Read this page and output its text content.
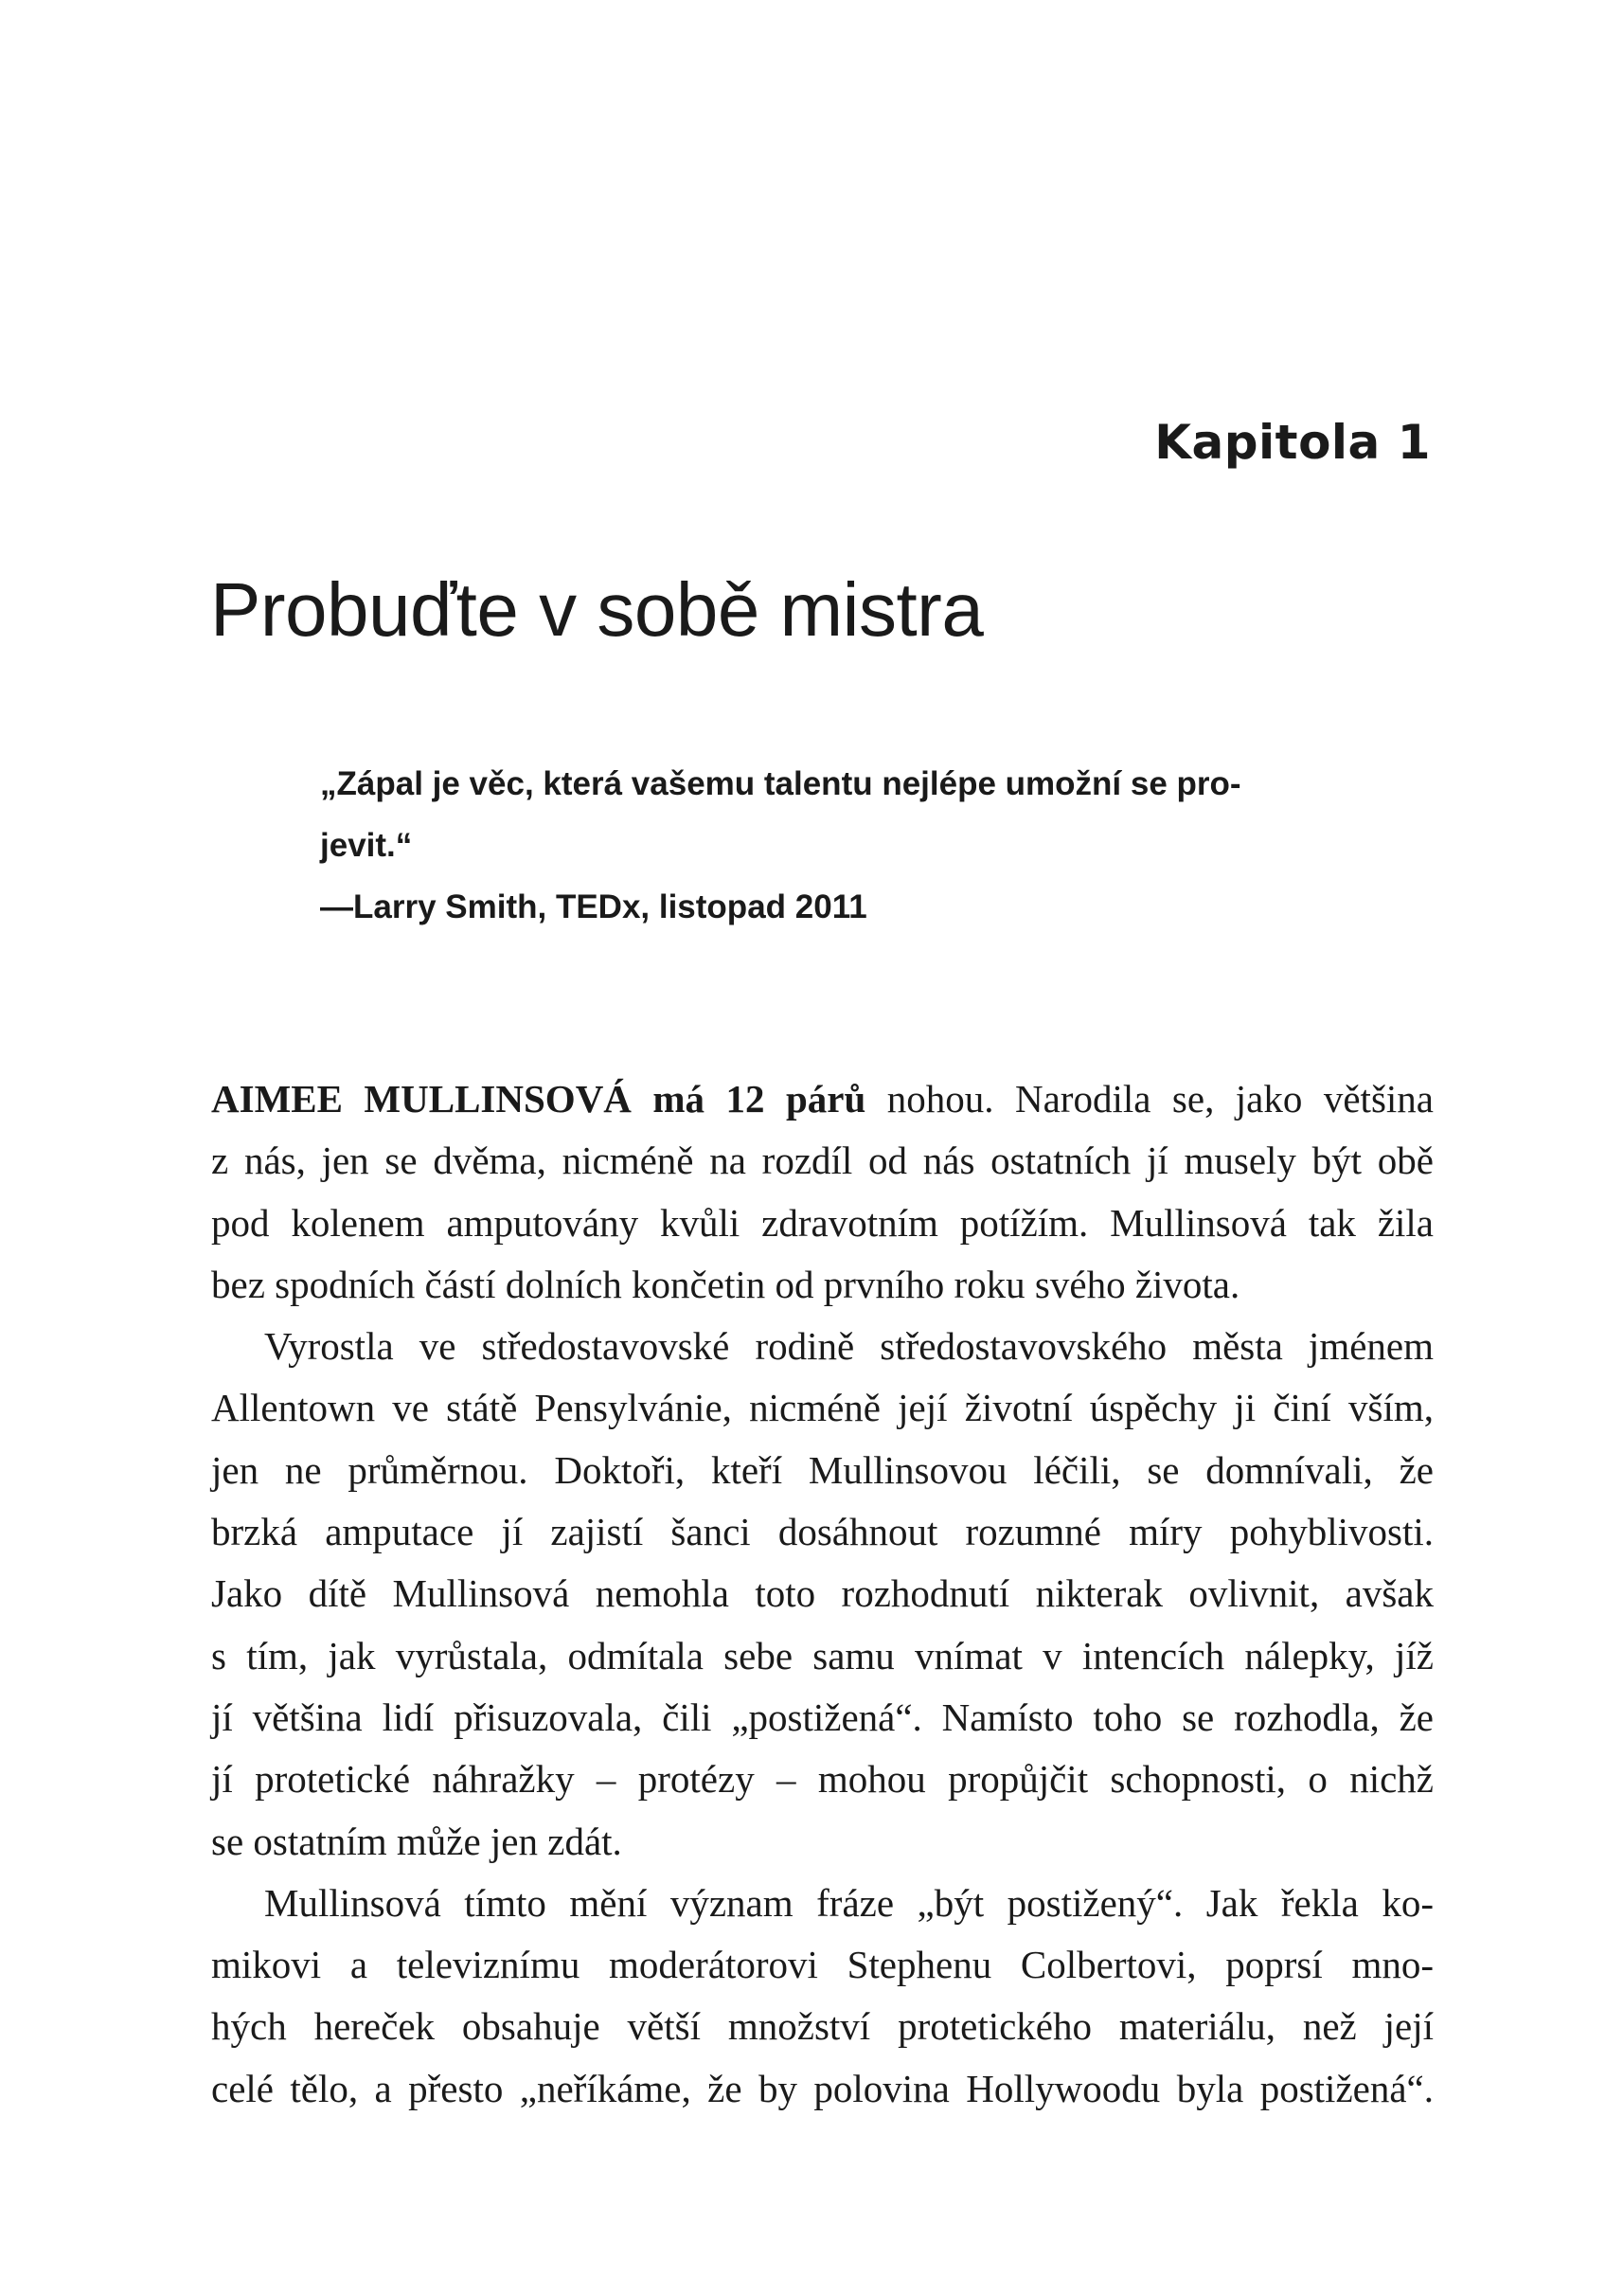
Kapitola 1
Probuďte v sobě mistra
„Zápal je věc, která vašemu talentu nejlépe umožní se pro-
jevit.“
—Larry Smith, TEDx, listopad 2011
AIMEE MULLINSOVÁ má 12 párů nohou. Narodila se, jako většina
z nás, jen se dvěma, nicméně na rozdíl od nás ostatních jí musely být obě
pod kolenem amputovány kvůli zdravotním potížím. Mullinsová tak žila
bez spodních částí dolních končetin od prvního roku svého života.
Vyrostla ve středostavovské rodině středostavovského města jménem
Allentown ve státě Pensylvánie, nicméně její životní úspěchy ji činí vším,
jen ne průměrnou. Doktoři, kteří Mullinsovou léčili, se domnívali, že
brzká amputace jí zajistí šanci dosáhnout rozumné míry pohyblivosti.
Jako dítě Mullinsová nemohla toto rozhodnutí nikterak ovlivnit, avšak
s tím, jak vyrůstala, odmítala sebe samu vnímat v intencích nálepky, jíž
jí většina lidí přisuzovala, čili „postižená“. Namísto toho se rozhodla, že
jí protetické náhražky – protézy – mohou propůjčit schopnosti, o nichž
se ostatním může jen zdát.
Mullinsová tímto mění význam fráze „být postižený“. Jak řekla ko-
mikovi a televiznímu moderátorovi Stephenu Colbertovi, poprsí mno-
hých hereček obsahuje větší množství protetického materiálu, než její
celé tělo, a přesto „neříkáme, že by polovina Hollywoodu byla postižená“.
